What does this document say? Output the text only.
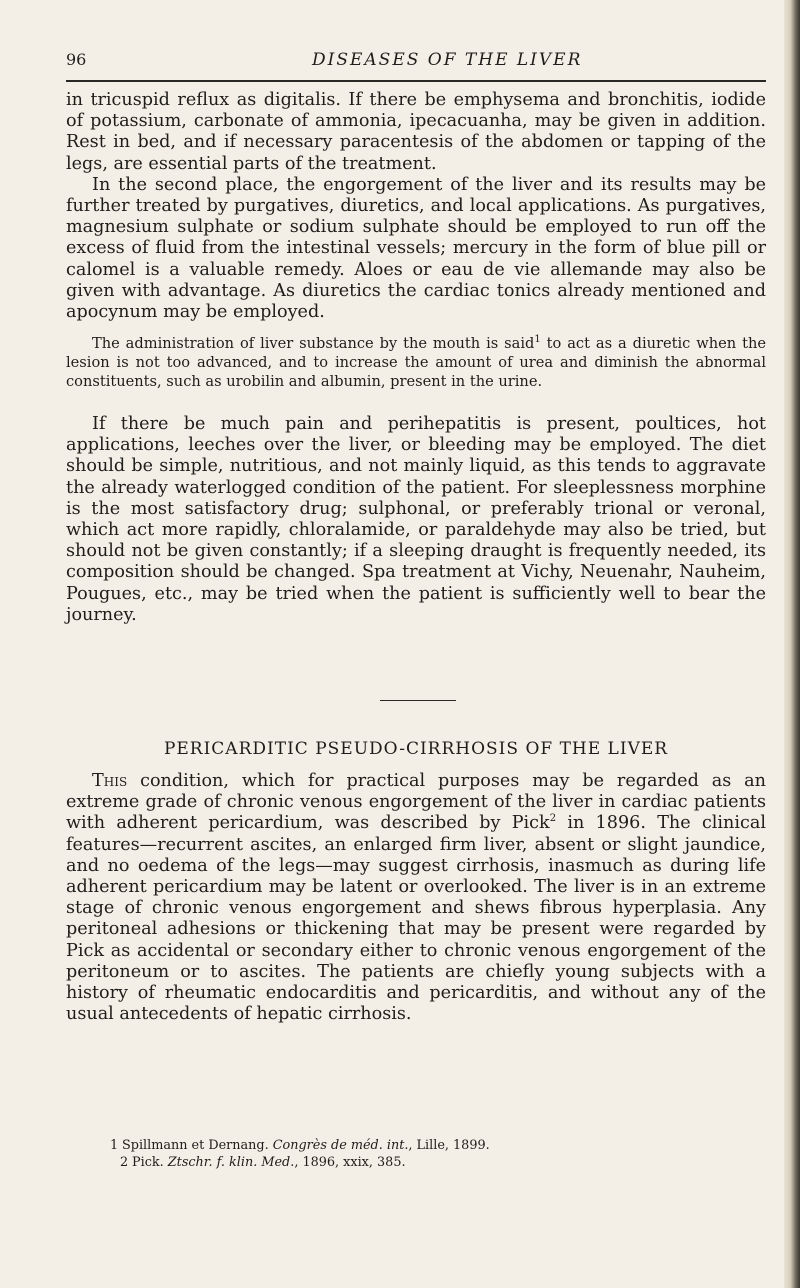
96	DISEASES OF THE LIVER

in tricuspid reflux as digitalis. If there be emphysema and bronchitis, iodide of potassium, carbonate of ammonia, ipecacuanha, may be given in addition. Rest in bed, and if necessary paracentesis of the abdomen or tapping of the legs, are essential parts of the treatment.

In the second place, the engorgement of the liver and its results may be further treated by purgatives, diuretics, and local applications. As purgatives, magnesium sulphate or sodium sulphate should be employed to run off the excess of fluid from the intestinal vessels; mercury in the form of blue pill or calomel is a valuable remedy. Aloes or eau de vie allemande may also be given with advantage. As diuretics the cardiac tonics already mentioned and apocynum may be employed.

The administration of liver substance by the mouth is said$^1$ to act as a diuretic when the lesion is not too advanced, and to increase the amount of urea and diminish the abnormal constituents, such as urobilin and albumin, present in the urine.

If there be much pain and perihepatitis is present, poultices, hot applications, leeches over the liver, or bleeding may be employed. The diet should be simple, nutritious, and not mainly liquid, as this tends to aggravate the already waterlogged condition of the patient. For sleeplessness morphine is the most satisfactory drug; sulphonal, or preferably trional or veronal, which act more rapidly, chloralamide, or paraldehyde may also be tried, but should not be given constantly; if a sleeping draught is frequently needed, its composition should be changed. Spa treatment at Vichy, Neuenahr, Nauheim, Pougues, etc., may be tried when the patient is sufficiently well to bear the journey.

PERICARDITIC PSEUDO-CIRRHOSIS OF THE LIVER

This condition, which for practical purposes may be regarded as an extreme grade of chronic venous engorgement of the liver in cardiac patients with adherent pericardium, was described by Pick$^2$ in 1896. The clinical features—recurrent ascites, an enlarged firm liver, absent or slight jaundice, and no oedema of the legs—may suggest cirrhosis, inasmuch as during life adherent pericardium may be latent or overlooked. The liver is in an extreme stage of chronic venous engorgement and shews fibrous hyperplasia. Any peritoneal adhesions or thickening that may be present were regarded by Pick as accidental or secondary either to chronic venous engorgement of the peritoneum or to ascites. The patients are chiefly young subjects with a history of rheumatic endocarditis and pericarditis, and without any of the usual antecedents of hepatic cirrhosis.

1 Spillmann et Dernang. Congrès de méd. int., Lille, 1899.

2 Pick. Ztschr. f. klin. Med., 1896, xxix, 385.
